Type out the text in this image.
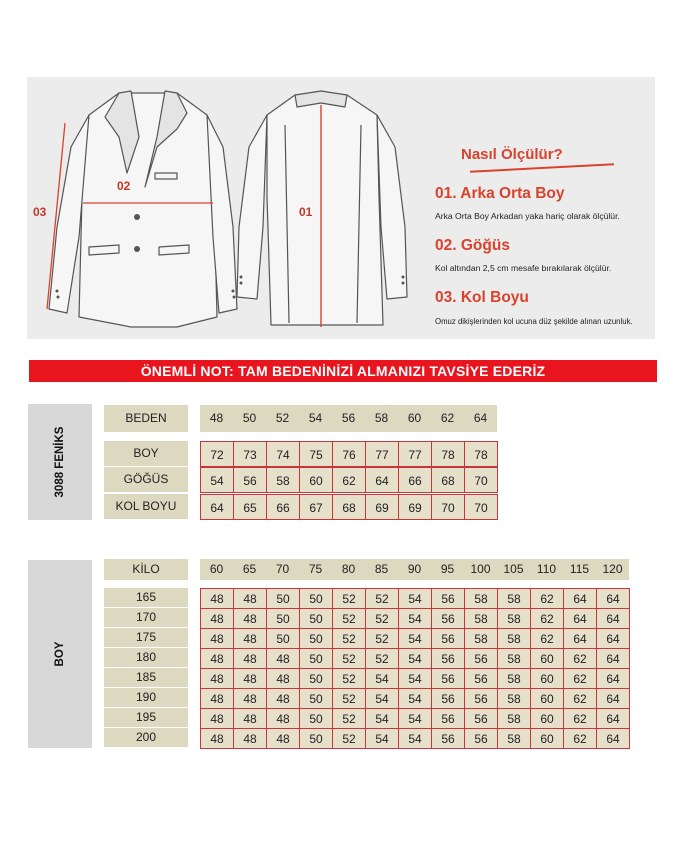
02
03	01
Nasıl Ölçülür?
01. Arka Orta Boy
Arka Orta Boy Arkadan yaka hariç olarak ölçülür.
02. Göğüs
Kol altından 2,5 cm mesafe bırakılarak ölçülür.
03. Kol Boyu
Omuz dikişlerinden kol ucuna düz şekilde alınan uzunluk.
ÖNEMLİ NOT: TAM BEDENİNİZİ ALMANIZI TAVSİYE EDERİZ
3088 FENİKS
BOY
BEDEN	48	50	52	54	56	58	60	62	64
BOY	72	73	74	75	76	77	77	78	78
GÖĞÜS	54	56	58	60	62	64	66	68	70
KOL BOYU	64	65	66	67	68	69	69	70	70
KİLO	60	65	70	75	80	85	90	95	100	105	110	115	120
165	48	48	50	50	52	52	54	56	58	58	62	64	64
170	48	48	50	50	52	52	54	56	58	58	62	64	64
175	48	48	50	50	52	52	54	56	58	58	62	64	64
180	48	48	48	50	52	52	54	56	56	58	60	62	64
185	48	48	48	50	52	54	54	56	56	58	60	62	64
190	48	48	48	50	52	54	54	56	56	58	60	62	64
195	48	48	48	50	52	54	54	56	56	58	60	62	64
200	48	48	48	50	52	54	54	56	56	58	60	62	64
